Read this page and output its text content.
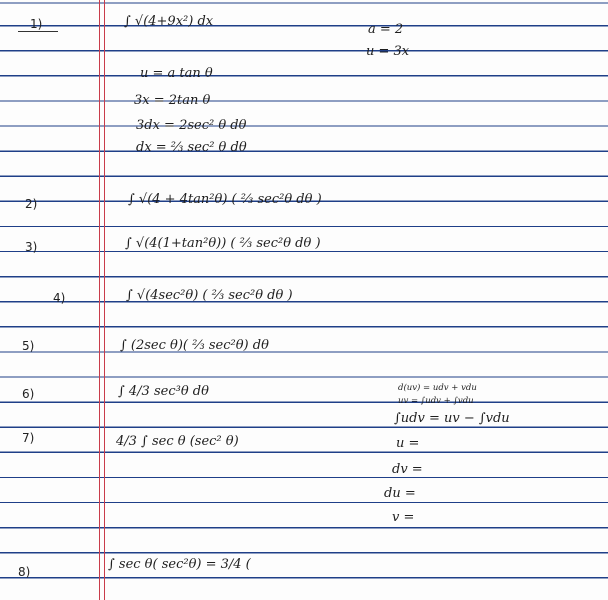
1)
2)
3)
4)
5)
6)
7)
8)
∫ √(4+9x²) dx
∫ √(4 + 4tan²θ) ( ⅔ sec²θ dθ )
∫ √(4(1+tan²θ)) ( ⅔ sec²θ dθ )
∫ √(4sec²θ) ( ⅔ sec²θ dθ )
∫ (2sec θ)( ⅔ sec²θ) dθ
∫ 4/3 sec³θ dθ
4/3 ∫ sec θ (sec² θ)
∫ sec θ( sec²θ) = 3/4 (
a = 2
u = 3x
u = a tan θ
3x = 2tan θ
3dx = 2sec² θ dθ
dx = ⅔ sec² θ dθ
d(uv) = udv + vdu
uv = ∫udv + ∫vdu
∫udv = uv − ∫vdu
u =
dv =
du =
v =
